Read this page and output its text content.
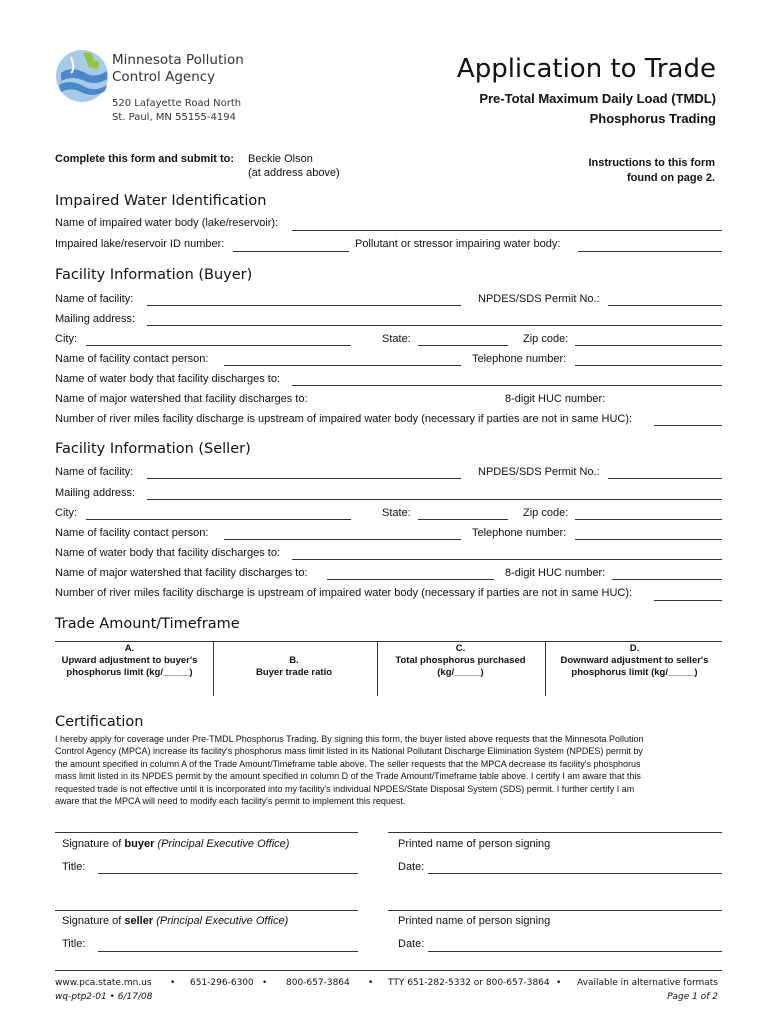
Minnesota Pollution
Control Agency
520 Lafayette Road North
St. Paul, MN 55155-4194
Application to Trade
Pre-Total Maximum Daily Load (TMDL)
Phosphorus Trading
Complete this form and submit to: Beckie Olson
(at address above)
Instructions to this form
found on page 2.
Impaired Water Identification
Name of impaired water body (lake/reservoir):
Impaired lake/reservoir ID number:	Pollutant or stressor impairing water body:
Facility Information (Buyer)
Name of facility:	NPDES/SDS Permit No.:
Mailing address:
City:	State:	Zip code:
Name of facility contact person:	Telephone number:
Name of water body that facility discharges to:
Name of major watershed that facility discharges to:	8-digit HUC number:
Number of river miles facility discharge is upstream of impaired water body (necessary if parties are not in same HUC):
Facility Information (Seller)
Name of facility:	NPDES/SDS Permit No.:
Mailing address:
City:	State:	Zip code:
Name of facility contact person:	Telephone number:
Name of water body that facility discharges to:
Name of major watershed that facility discharges to:	8-digit HUC number:
Number of river miles facility discharge is upstream of impaired water body (necessary if parties are not in same HUC):
Trade Amount/Timeframe
A.
Upward adjustment to buyer's
phosphorus limit (kg/_____)
B.
Buyer trade ratio
C.
Total phosphorus purchased
(kg/_____)
D.
Downward adjustment to seller's
phosphorus limit (kg/_____)
Certification
I hereby apply for coverage under Pre-TMDL Phosphorus Trading. By signing this form, the buyer listed above requests that the Minnesota Pollution
Control Agency (MPCA) increase its facility's phosphorus mass limit listed in its National Pollutant Discharge Elimination System (NPDES) permit by
the amount specified in column A of the Trade Amount/Timeframe table above. The seller requests that the MPCA decrease its facility's phosphorus
mass limit listed in its NPDES permit by the amount specified in column D of the Trade Amount/Timeframe table above. I certify I am aware that this
requested trade is not effective until it is incorporated into my facility's individual NPDES/State Disposal System (SDS) permit. I further certify I am
aware that the MPCA will need to modify each facility's permit to implement this request.
Signature of buyer (Principal Executive Office)	Printed name of person signing
Title:	Date:
Signature of seller (Principal Executive Office)	Printed name of person signing
Title:	Date:
www.pca.state.mn.us • 651-296-6300 • 800-657-3864 • TTY 651-282-5332 or 800-657-3864 • Available in alternative formats
wq-ptp2-01 • 6/17/08	Page 1 of 2
